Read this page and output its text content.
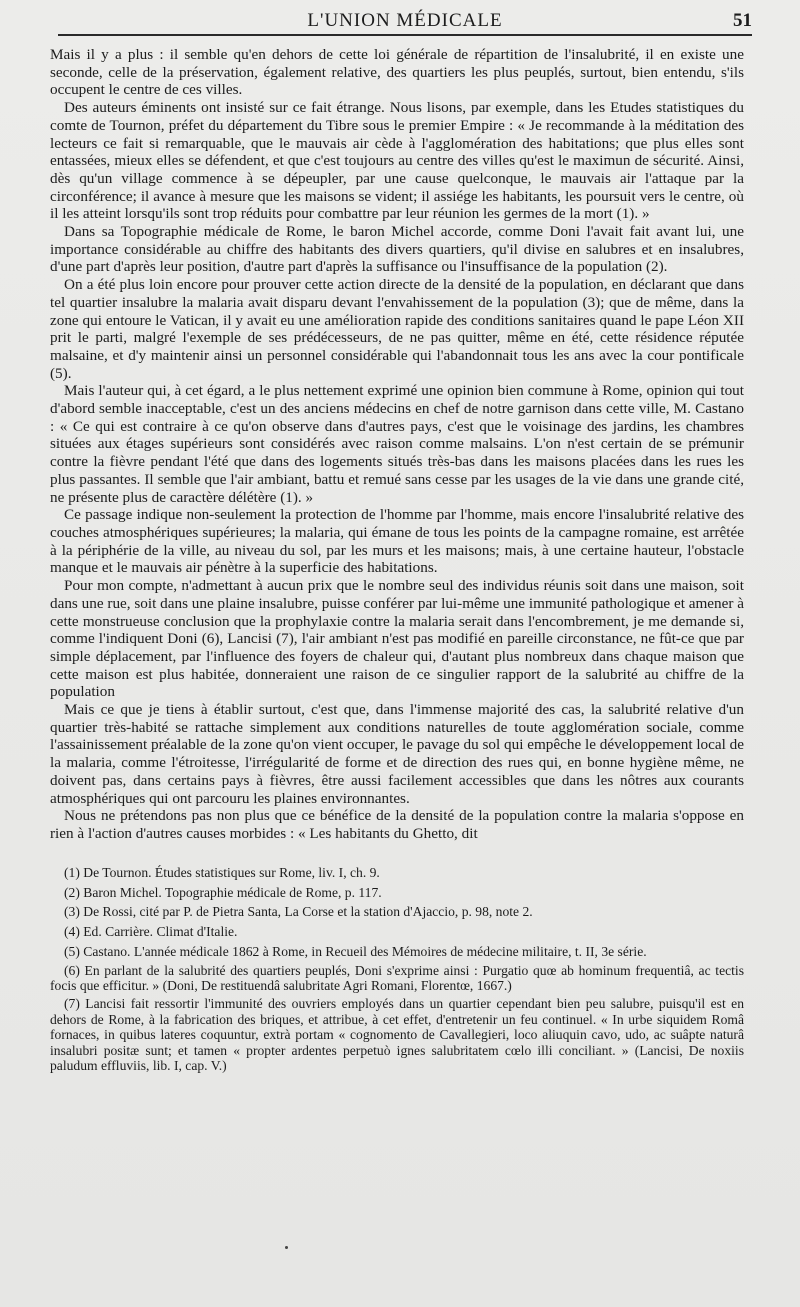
L'UNION MÉDICALE	51

Mais il y a plus : il semble qu'en dehors de cette loi générale de répartition de l'insalubrité, il en existe une seconde, celle de la préservation, également relative, des quartiers les plus peuplés, surtout, bien entendu, s'ils occupent le centre de ces villes.

Des auteurs éminents ont insisté sur ce fait étrange. Nous lisons, par exemple, dans les Etudes statistiques du comte de Tournon, préfet du département du Tibre sous le premier Empire : « Je recommande à la méditation des lecteurs ce fait si remarquable, que le mauvais air cède à l'agglomération des habitations; que plus elles sont entassées, mieux elles se défendent, et que c'est toujours au centre des villes qu'est le maximun de sécurité. Ainsi, dès qu'un village commence à se dépeupler, par une cause quelconque, le mauvais air l'attaque par la circonférence; il avance à mesure que les maisons se vident; il assiége les habitants, les poursuit vers le centre, où il les atteint lorsqu'ils sont trop réduits pour combattre par leur réunion les germes de la mort (1). »

Dans sa Topographie médicale de Rome, le baron Michel accorde, comme Doni l'avait fait avant lui, une importance considérable au chiffre des habitants des divers quartiers, qu'il divise en salubres et en insalubres, d'une part d'après leur position, d'autre part d'après la suffisance ou l'insuffisance de la population (2).

On a été plus loin encore pour prouver cette action directe de la densité de la population, en déclarant que dans tel quartier insalubre la malaria avait disparu devant l'envahissement de la population (3); que de même, dans la zone qui entoure le Vatican, il y avait eu une amélioration rapide des conditions sanitaires quand le pape Léon XII prit le parti, malgré l'exemple de ses prédécesseurs, de ne pas quitter, même en été, cette résidence réputée malsaine, et d'y maintenir ainsi un personnel considérable qui l'abandonnait tous les ans avec la cour pontificale (5).

Mais l'auteur qui, à cet égard, a le plus nettement exprimé une opinion bien commune à Rome, opinion qui tout d'abord semble inacceptable, c'est un des anciens médecins en chef de notre garnison dans cette ville, M. Castano : « Ce qui est contraire à ce qu'on observe dans d'autres pays, c'est que le voisinage des jardins, les chambres situées aux étages supérieurs sont considérés avec raison comme malsains. L'on n'est certain de se prémunir contre la fièvre pendant l'été que dans des logements situés très-bas dans les maisons placées dans les rues les plus passantes. Il semble que l'air ambiant, battu et remué sans cesse par les usages de la vie dans une grande cité, ne présente plus de caractère délétère (1). »

Ce passage indique non-seulement la protection de l'homme par l'homme, mais encore l'insalubrité relative des couches atmosphériques supérieures; la malaria, qui émane de tous les points de la campagne romaine, est arrêtée à la périphérie de la ville, au niveau du sol, par les murs et les maisons; mais, à une certaine hauteur, l'obstacle manque et le mauvais air pénètre à la superficie des habitations.

Pour mon compte, n'admettant à aucun prix que le nombre seul des individus réunis soit dans une maison, soit dans une rue, soit dans une plaine insalubre, puisse conférer par lui-même une immunité pathologique et amener à cette monstrueuse conclusion que la prophylaxie contre la malaria serait dans l'encombrement, je me demande si, comme l'indiquent Doni (6), Lancisi (7), l'air ambiant n'est pas modifié en pareille circonstance, ne fût-ce que par simple déplacement, par l'influence des foyers de chaleur qui, d'autant plus nombreux dans chaque maison que cette maison est plus habitée, donneraient une raison de ce singulier rapport de la salubrité au chiffre de la population

Mais ce que je tiens à établir surtout, c'est que, dans l'immense majorité des cas, la salubrité relative d'un quartier très-habité se rattache simplement aux conditions naturelles de toute agglomération sociale, comme l'assainissement préalable de la zone qu'on vient occuper, le pavage du sol qui empêche le développement local de la malaria, comme l'étroitesse, l'irrégularité de forme et de direction des rues qui, en bonne hygiène même, ne doivent pas, dans certains pays à fièvres, être aussi facilement accessibles que dans les nôtres aux courants atmosphériques qui ont parcouru les plaines environnantes.

Nous ne prétendons pas non plus que ce bénéfice de la densité de la population contre la malaria s'oppose en rien à l'action d'autres causes morbides : « Les habitants du Ghetto, dit

(1) De Tournon. Études statistiques sur Rome, liv. I, ch. 9.

(2) Baron Michel. Topographie médicale de Rome, p. 117.

(3) De Rossi, cité par P. de Pietra Santa, La Corse et la station d'Ajaccio, p. 98, note 2.

(4) Ed. Carrière. Climat d'Italie.

(5) Castano. L'année médicale 1862 à Rome, in Recueil des Mémoires de médecine militaire, t. II, 3e série.

(6) En parlant de la salubrité des quartiers peuplés, Doni s'exprime ainsi : Purgatio quœ ab hominum frequentiâ, ac tectis focis que efficitur. » (Doni, De restituendâ salubritate Agri Romani, Florentœ, 1667.)

(7) Lancisi fait ressortir l'immunité des ouvriers employés dans un quartier cependant bien peu salubre, puisqu'il est en dehors de Rome, à la fabrication des briques, et attribue, à cet effet, d'entretenir un feu continuel. « In urbe siquidem Româ fornaces, in quibus lateres coquuntur, extrà portam « cognomento de Cavallegieri, loco aliuquin cavo, udo, ac suâpte naturâ insalubri positæ sunt; et tamen « propter ardentes perpetuò ignes salubritatem cœlo illi conciliant. » (Lancisi, De noxiis paludum effluviis, lib. I, cap. V.)
